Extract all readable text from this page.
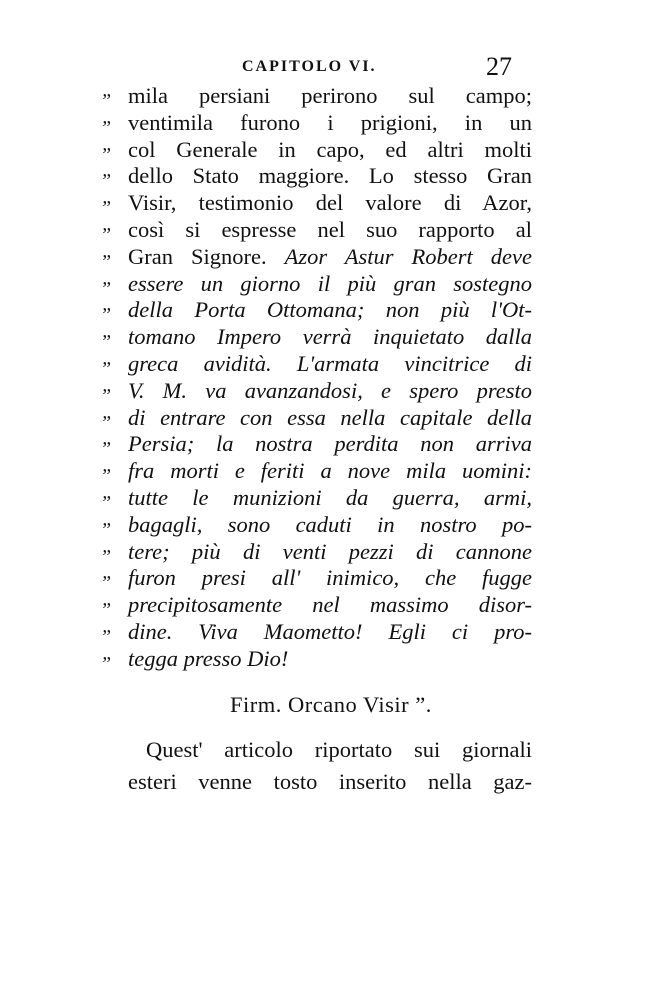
CAPITOLO VI.	27
” mila persiani perirono sul campo;
” ventimila furono i prigioni, in un
” col Generale in capo, ed altri molti
” dello Stato maggiore. Lo stesso Gran
” Visir, testimonio del valore di Azor,
” così si espresse nel suo rapporto al
” Gran Signore. Azor Astur Robert deve
” essere un giorno il più gran sostegno
” della Porta Ottomana; non più l'Ot-
” tomano Impero verrà inquietato dalla
” greca avidità. L'armata vincitrice di
” V. M. va avanzandosi, e spero presto
” di entrare con essa nella capitale della
” Persia; la nostra perdita non arriva
” fra morti e feriti a nove mila uomini:
” tutte le munizioni da guerra, armi,
” bagagli, sono caduti in nostro po-
” tere; più di venti pezzi di cannone
” furon presi all' inimico, che fugge
” precipitosamente nel massimo disor-
” dine. Viva Maometto! Egli ci pro-
” tegga presso Dio!
Firm. Orcano Visir ”.
Quest' articolo riportato sui giornali
esteri venne tosto inserito nella gaz-
